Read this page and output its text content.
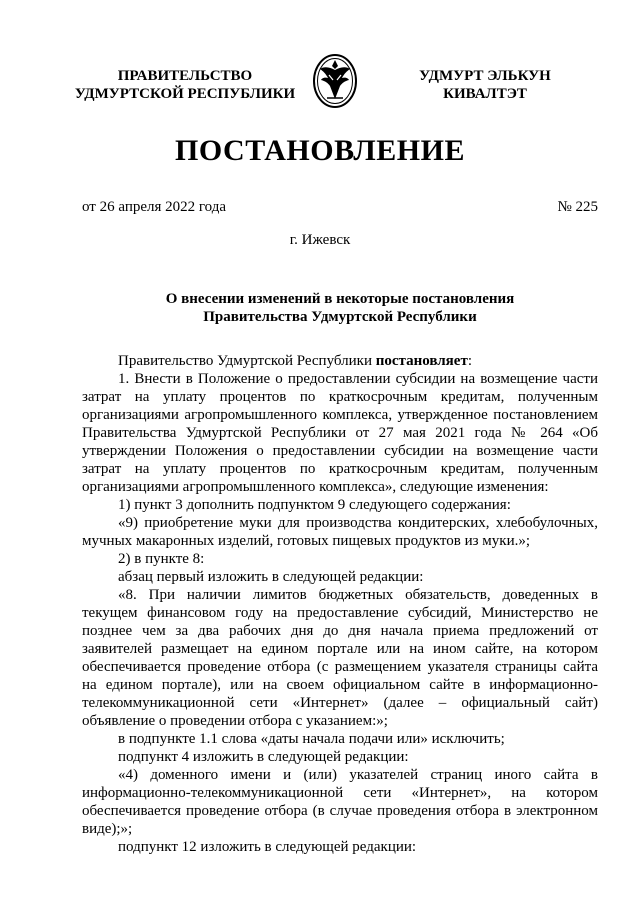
ПРАВИТЕЛЬСТВО
УДМУРТСКОЙ РЕСПУБЛИКИ
УДМУРТ ЭЛЬКУН
КИВАЛТЭТ
ПОСТАНОВЛЕНИЕ
от 26 апреля 2022 года	№ 225
г. Ижевск
О внесении изменений в некоторые постановления
Правительства Удмуртской Республики

Правительство Удмуртской Республики постановляет:

1. Внести в Положение о предоставлении субсидии на возмещение части затрат на уплату процентов по краткосрочным кредитам, полученным организациями агропромышленного комплекса, утвержденное постановлением Правительства Удмуртской Республики от 27 мая 2021 года № 264 «Об утверждении Положения о предоставлении субсидии на возмещение части затрат на уплату процентов по краткосрочным кредитам, полученным организациями агропромышленного комплекса», следующие изменения:

1) пункт 3 дополнить подпунктом 9 следующего содержания:

«9) приобретение муки для производства кондитерских, хлебобулочных, мучных макаронных изделий, готовых пищевых продуктов из муки.»;

2) в пункте 8:

абзац первый изложить в следующей редакции:

«8. При наличии лимитов бюджетных обязательств, доведенных в текущем финансовом году на предоставление субсидий, Министерство не позднее чем за два рабочих дня до дня начала приема предложений от заявителей размещает на едином портале или на ином сайте, на котором обеспечивается проведение отбора (с размещением указателя страницы сайта на едином портале), или на своем официальном сайте в информационно-телекоммуникационной сети «Интернет» (далее – официальный сайт) объявление о проведении отбора с указанием:»;

в подпункте 1.1 слова «даты начала подачи или» исключить;

подпункт 4 изложить в следующей редакции:

«4) доменного имени и (или) указателей страниц иного сайта в информационно-телекоммуникационной сети «Интернет», на котором обеспечивается проведение отбора (в случае проведения отбора в электронном виде);»;

подпункт 12 изложить в следующей редакции:
